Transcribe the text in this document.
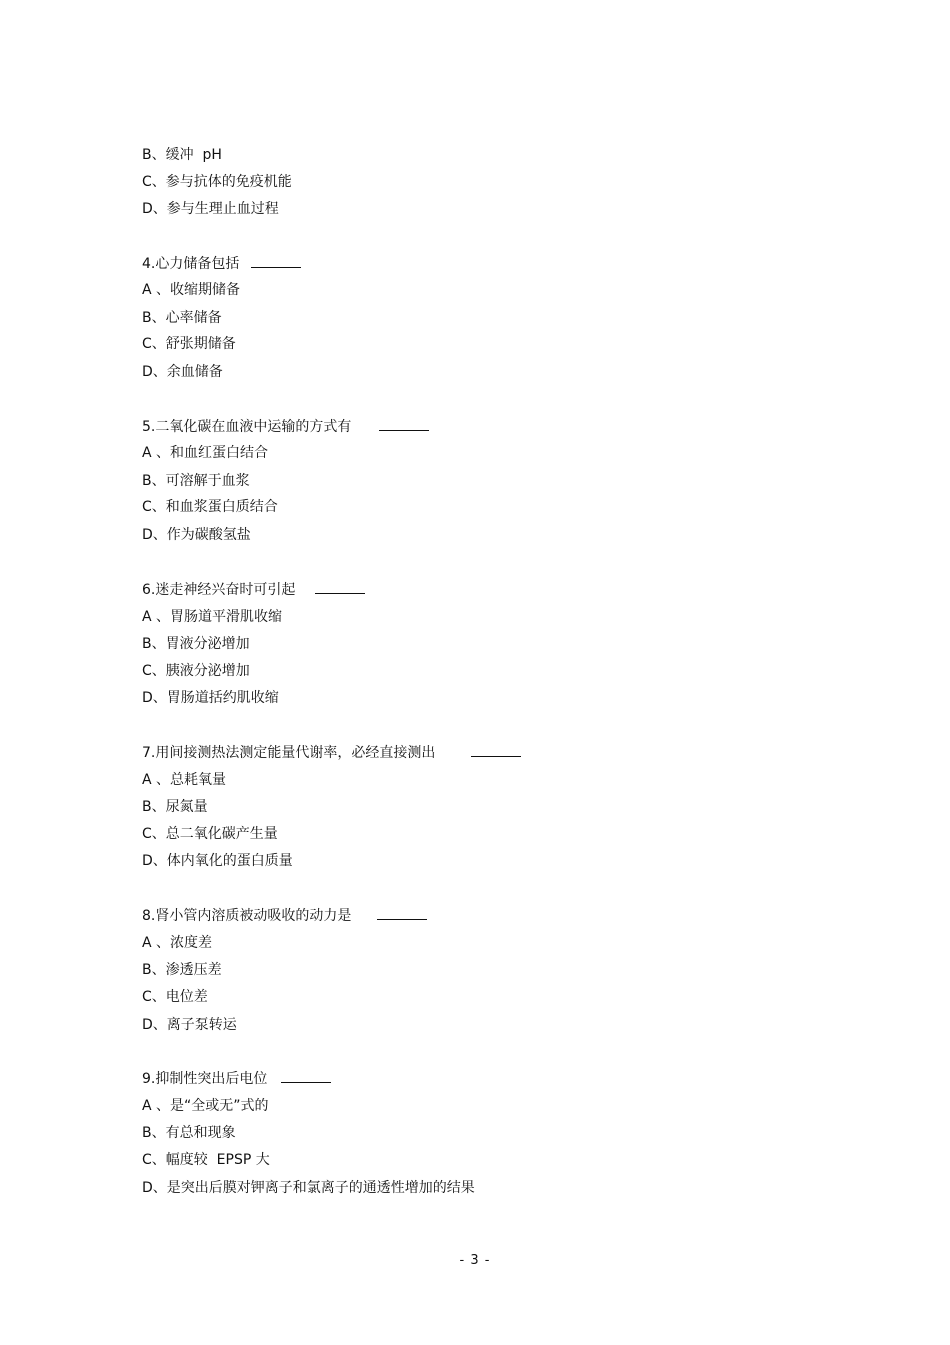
B、缓冲  pH
C、参与抗体的免疫机能
D、参与生理止血过程
4.心力储备包括
A 、收缩期储备
B、心率储备
C、舒张期储备
D、余血储备
5.二氧化碳在血液中运输的方式有
A 、和血红蛋白结合
B、可溶解于血浆
C、和血浆蛋白质结合
D、作为碳酸氢盐
6.迷走神经兴奋时可引起
A 、胃肠道平滑肌收缩
B、胃液分泌增加
C、胰液分泌增加
D、胃肠道括约肌收缩
7.用间接测热法测定能量代谢率，必经直接测出
A 、总耗氧量
B、尿氮量
C、总二氧化碳产生量
D、体内氧化的蛋白质量
8.肾小管内溶质被动吸收的动力是
A 、浓度差
B、渗透压差
C、电位差
D、离子泵转运
9.抑制性突出后电位
A 、是“全或无”式的
B、有总和现象
C、幅度较  EPSP 大
D、是突出后膜对钾离子和氯离子的通透性增加的结果
- 3 -
